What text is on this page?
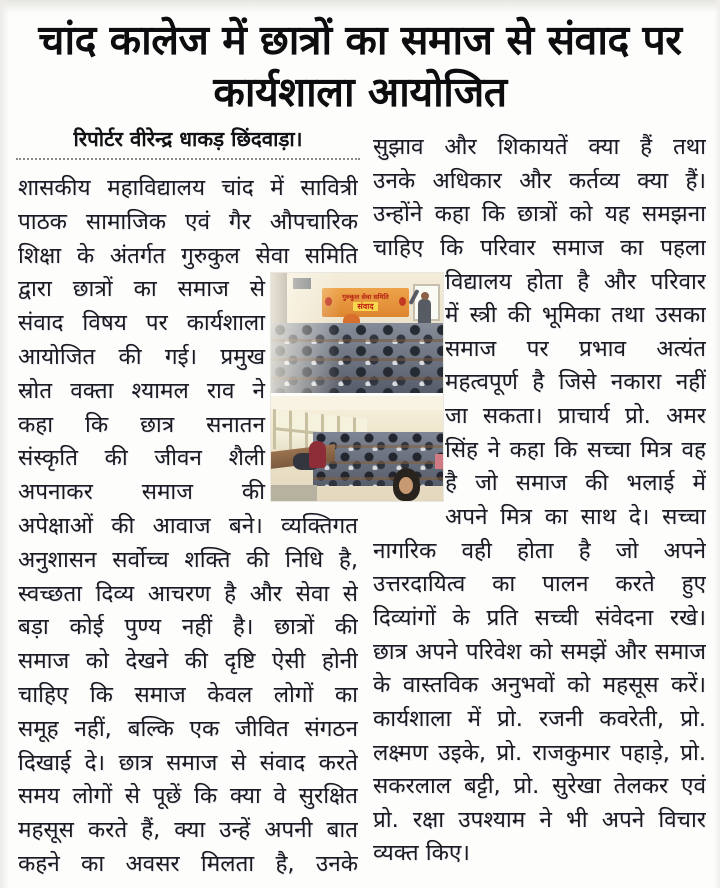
चांद कालेज में छात्रों का समाज से संवाद पर
कार्यशाला आयोजित
रिपोर्टर वीरेन्द्र धाकड़ छिंदवाड़ा।
शासकीय महाविद्यालय चांद में सावित्री
पाठक सामाजिक एवं गैर औपचारिक
शिक्षा के अंतर्गत गुरुकुल सेवा समिति
द्वारा छात्रों का समाज से
संवाद विषय पर कार्यशाला
आयोजित की गई। प्रमुख
स्रोत वक्ता श्यामल राव ने
कहा कि छात्र सनातन
संस्कृति की जीवन शैली
अपनाकर समाज की
अपेक्षाओं की आवाज बने। व्यक्तिगत
अनुशासन सर्वोच्च शक्ति की निधि है,
स्वच्छता दिव्य आचरण है और सेवा से
बड़ा कोई पुण्य नहीं है। छात्रों की
समाज को देखने की दृष्टि ऐसी होनी
चाहिए कि समाज केवल लोगों का
समूह नहीं, बल्कि एक जीवित संगठन
दिखाई दे। छात्र समाज से संवाद करते
समय लोगों से पूछें कि क्या वे सुरक्षित
महसूस करते हैं, क्या उन्हें अपनी बात
कहने का अवसर मिलता है, उनके
सुझाव और शिकायतें क्या हैं तथा
उनके अधिकार और कर्तव्य क्या हैं।
उन्होंने कहा कि छात्रों को यह समझना
चाहिए कि परिवार समाज का पहला
विद्यालय होता है और परिवार
में स्त्री की भूमिका तथा उसका
समाज पर प्रभाव अत्यंत
महत्वपूर्ण है जिसे नकारा नहीं
जा सकता। प्राचार्य प्रो. अमर
सिंह ने कहा कि सच्चा मित्र वह
है जो समाज की भलाई में
अपने मित्र का साथ दे। सच्चा
नागरिक वही होता है जो अपने
उत्तरदायित्व का पालन करते हुए
दिव्यांगों के प्रति सच्ची संवेदना रखे।
छात्र अपने परिवेश को समझें और समाज
के वास्तविक अनुभवों को महसूस करें।
कार्यशाला में प्रो. रजनी कवरेती, प्रो.
लक्ष्मण उइके, प्रो. राजकुमार पहाड़े, प्रो.
सकरलाल बट्टी, प्रो. सुरेखा तेलकर एवं
प्रो. रक्षा उपश्याम ने भी अपने विचार
व्यक्त किए।
गुरुकुल सेवा समिति
संवाद
